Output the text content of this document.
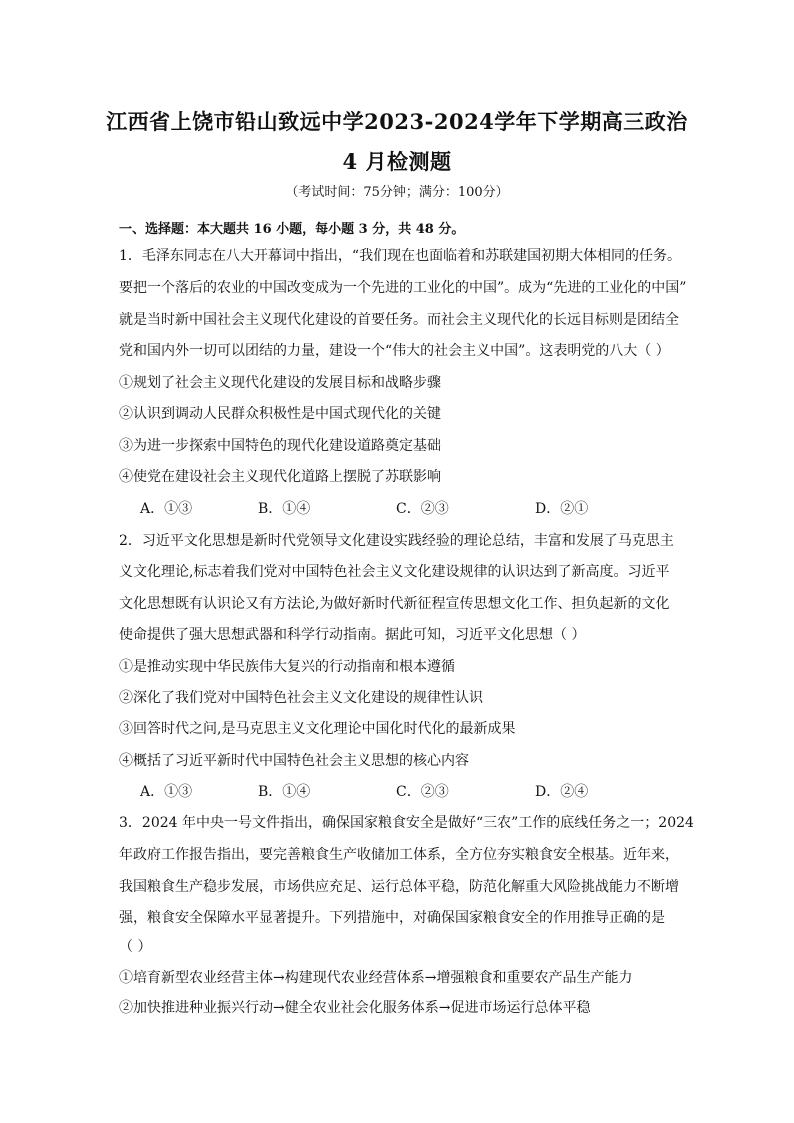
江西省上饶市铅山致远中学2023-2024学年下学期高三政治
4 月检测题
（考试时间：75分钟；满分：100分）
一、选择题：本大题共 16 小题，每小题 3 分，共 48 分。
1．毛泽东同志在八大开幕词中指出，“我们现在也面临着和苏联建国初期大体相同的任务。
要把一个落后的农业的中国改变成为一个先进的工业化的中国”。成为“先进的工业化的中国”
就是当时新中国社会主义现代化建设的首要任务。而社会主义现代化的长远目标则是团结全
党和国内外一切可以团结的力量，建设一个“伟大的社会主义中国”。这表明党的八大（ ）
①规划了社会主义现代化建设的发展目标和战略步骤
②认识到调动人民群众积极性是中国式现代化的关键
③为进一步探索中国特色的现代化建设道路奠定基础
④使党在建设社会主义现代化道路上摆脱了苏联影响
A．①③	B．①④	C．②③	D．②①
2．习近平文化思想是新时代党领导文化建设实践经验的理论总结，丰富和发展了马克思主
义文化理论,标志着我们党对中国特色社会主义文化建设规律的认识达到了新高度。习近平
文化思想既有认识论又有方法论,为做好新时代新征程宣传思想文化工作、担负起新的文化
使命提供了强大思想武器和科学行动指南。据此可知，习近平文化思想（ ）
①是推动实现中华民族伟大复兴的行动指南和根本遵循
②深化了我们党对中国特色社会主义文化建设的规律性认识
③回答时代之问,是马克思主义文化理论中国化时代化的最新成果
④概括了习近平新时代中国特色社会主义思想的核心内容
A．①③	B．①④	C．②③	D．②④
3．2024 年中央一号文件指出，确保国家粮食安全是做好“三农”工作的底线任务之一；2024
年政府工作报告指出，要完善粮食生产收储加工体系，全方位夯实粮食安全根基。近年来，
我国粮食生产稳步发展，市场供应充足、运行总体平稳，防范化解重大风险挑战能力不断增
强，粮食安全保障水平显著提升。下列措施中，对确保国家粮食安全的作用推导正确的是
（ ）
①培育新型农业经营主体→构建现代农业经营体系→增强粮食和重要农产品生产能力
②加快推进种业振兴行动→健全农业社会化服务体系→促进市场运行总体平稳
